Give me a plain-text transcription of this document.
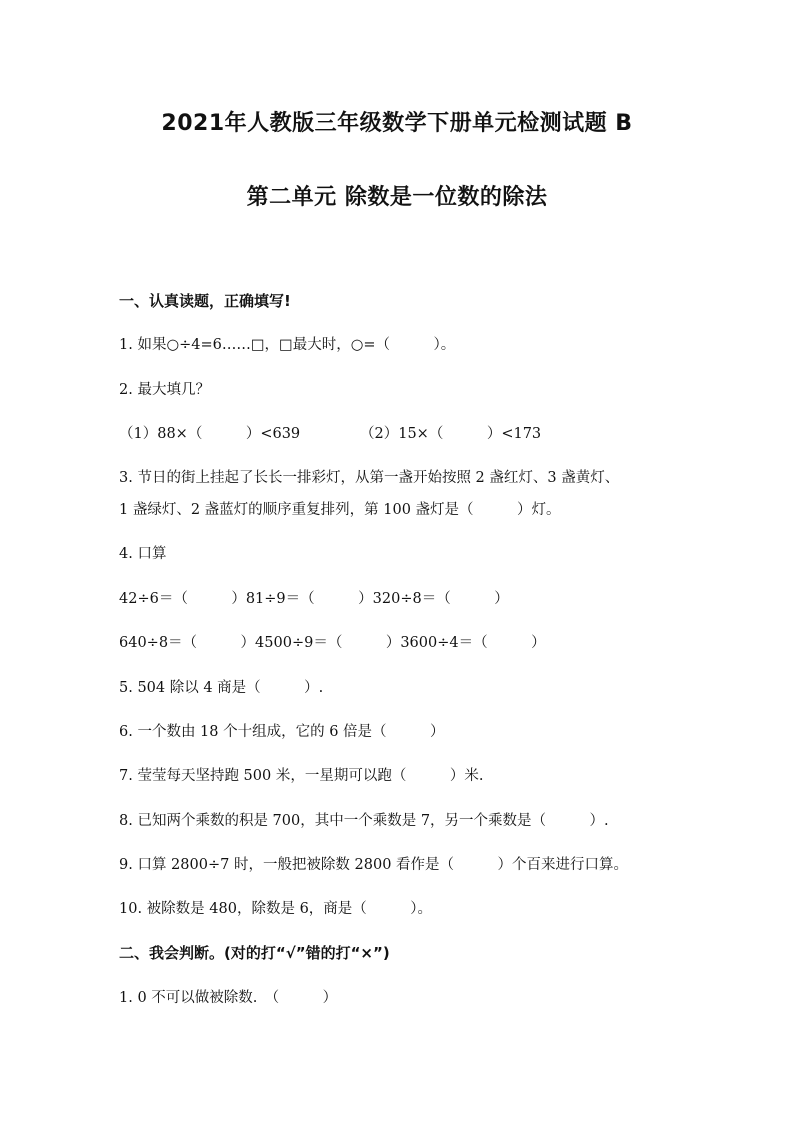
2021年人教版三年级数学下册单元检测试题 B
第二单元 除数是一位数的除法
一、认真读题，正确填写!
1. 如果○÷4=6……□，□最大时，○=（　　　）。
2. 最大填几？
（1）88×（　　　）<639	（2）15×（　　　）<173
3. 节日的街上挂起了长长一排彩灯，从第一盏开始按照 2 盏红灯、3 盏黄灯、
1 盏绿灯、2 盏蓝灯的顺序重复排列，第 100 盏灯是（　　　）灯。
4. 口算
42÷6＝（　　　）81÷9＝（　　　）320÷8＝（　　　）
640÷8＝（　　　）4500÷9＝（　　　）3600÷4＝（　　　）
5. 504 除以 4 商是（　　　）.
6. 一个数由 18 个十组成，它的 6 倍是（　　　）
7. 莹莹每天坚持跑 500 米，一星期可以跑（　　　）米.
8. 已知两个乘数的积是 700，其中一个乘数是 7，另一个乘数是（　　　）.
9. 口算 2800÷7 时，一般把被除数 2800 看作是（　　　）个百来进行口算。
10. 被除数是 480，除数是 6，商是（　　　）。
二、我会判断。(对的打“√”错的打“×”)
1. 0 不可以做被除数.　（　　　）
